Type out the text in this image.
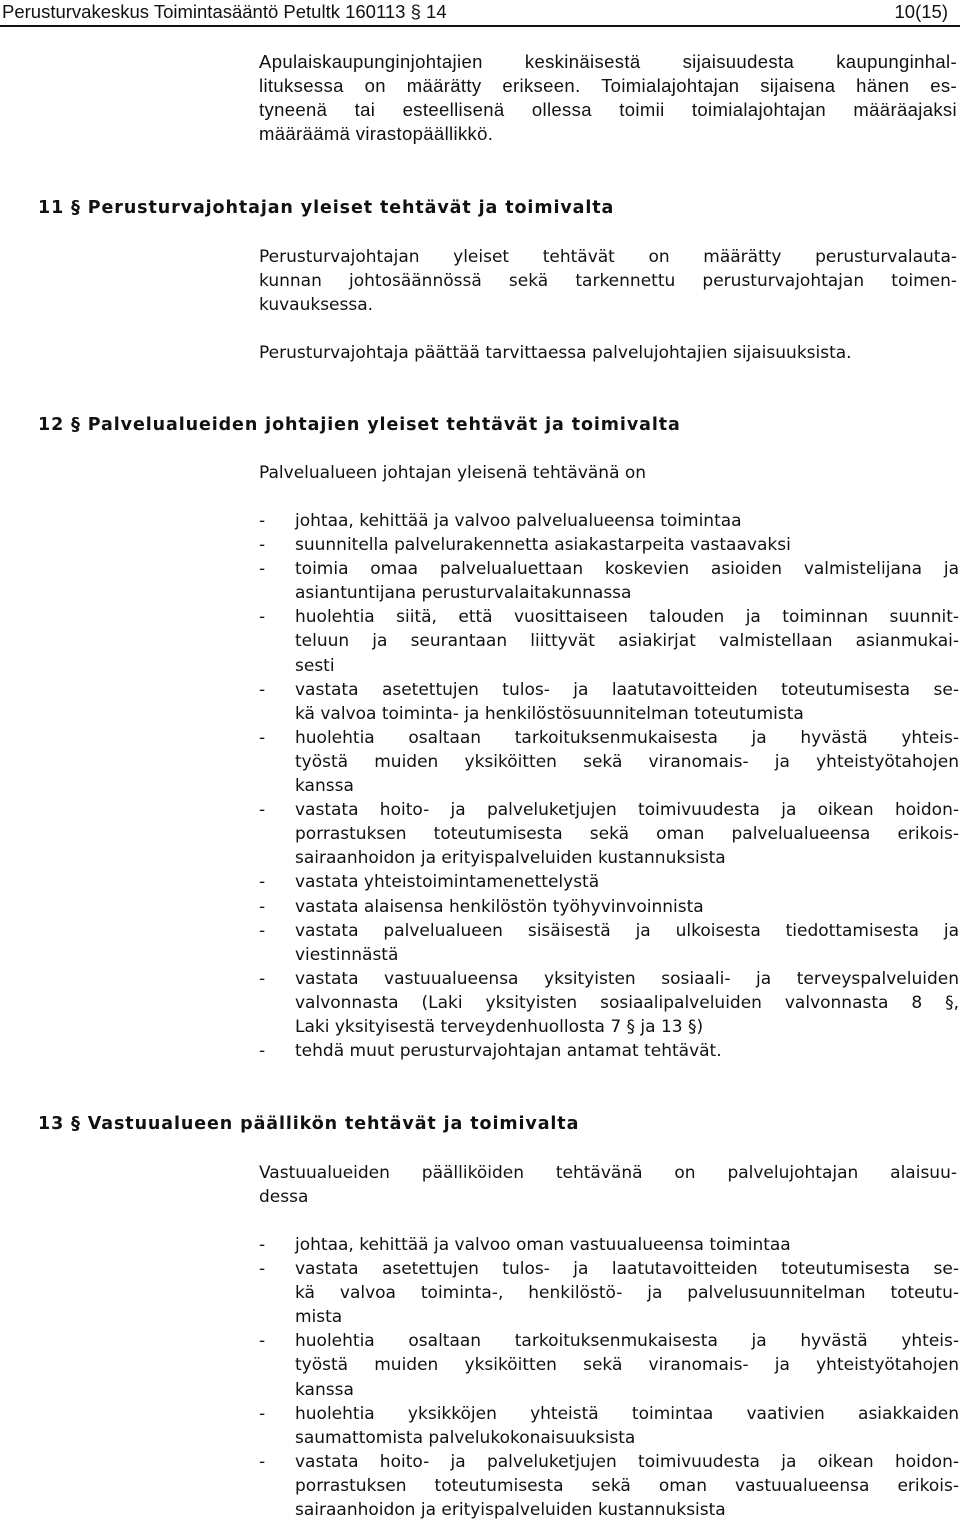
Perusturvakeskus Toimintasääntö Petultk 160113 § 14	10(15)
Apulaiskaupunginjohtajien keskinäisestä sijaisuudesta kaupunginhal-
lituksessa on määrätty erikseen. Toimialajohtajan sijaisena hänen es-
tyneenä tai esteellisenä ollessa toimii toimialajohtajan määräajaksi
määräämä virastopäällikkö.
11 § Perusturvajohtajan yleiset tehtävät ja toimivalta
Perusturvajohtajan yleiset tehtävät on määrätty perusturvalauta-
kunnan johtosäännössä sekä tarkennettu perusturvajohtajan toimen-
kuvauksessa.
Perusturvajohtaja päättää tarvittaessa palvelujohtajien sijaisuuksista.
12 § Palvelualueiden johtajien yleiset tehtävät ja toimivalta
Palvelualueen johtajan yleisenä tehtävänä on
- johtaa, kehittää ja valvoo palvelualueensa toimintaa
- suunnitella palvelurakennetta asiakastarpeita vastaavaksi
- toimia omaa palvelualuettaan koskevien asioiden valmistelijana ja
asiantuntijana perusturvalaitakunnassa
- huolehtia siitä, että vuosittaiseen talouden ja toiminnan suunnit-
teluun ja seurantaan liittyvät asiakirjat valmistellaan asianmukai-
sesti
- vastata asetettujen tulos- ja laatutavoitteiden toteutumisesta se-
kä valvoa toiminta- ja henkilöstösuunnitelman toteutumista
- huolehtia osaltaan tarkoituksenmukaisesta ja hyvästä yhteis-
työstä muiden yksiköitten sekä viranomais- ja yhteistyötahojen
kanssa
- vastata hoito- ja palveluketjujen toimivuudesta ja oikean hoidon-
porrastuksen toteutumisesta sekä oman palvelualueensa erikois-
sairaanhoidon ja erityispalveluiden kustannuksista
- vastata yhteistoimintamenettelystä
- vastata alaisensa henkilöstön työhyvinvoinnista
- vastata palvelualueen sisäisestä ja ulkoisesta tiedottamisesta ja
viestinnästä
- vastata vastuualueensa yksityisten sosiaali- ja terveyspalveluiden
valvonnasta (Laki yksityisten sosiaalipalveluiden valvonnasta 8 §,
Laki yksityisestä terveydenhuollosta 7 § ja 13 §)
- tehdä muut perusturvajohtajan antamat tehtävät.
13 § Vastuualueen päällikön tehtävät ja toimivalta
Vastuualueiden päälliköiden tehtävänä on palvelujohtajan alaisuu-
dessa
- johtaa, kehittää ja valvoo oman vastuualueensa toimintaa
- vastata asetettujen tulos- ja laatutavoitteiden toteutumisesta se-
kä valvoa toiminta-, henkilöstö- ja palvelusuunnitelman toteutu-
mista
- huolehtia osaltaan tarkoituksenmukaisesta ja hyvästä yhteis-
työstä muiden yksiköitten sekä viranomais- ja yhteistyötahojen
kanssa
- huolehtia yksikköjen yhteistä toimintaa vaativien asiakkaiden
saumattomista palvelukokonaisuuksista
- vastata hoito- ja palveluketjujen toimivuudesta ja oikean hoidon-
porrastuksen toteutumisesta sekä oman vastuualueensa erikois-
sairaanhoidon ja erityispalveluiden kustannuksista
